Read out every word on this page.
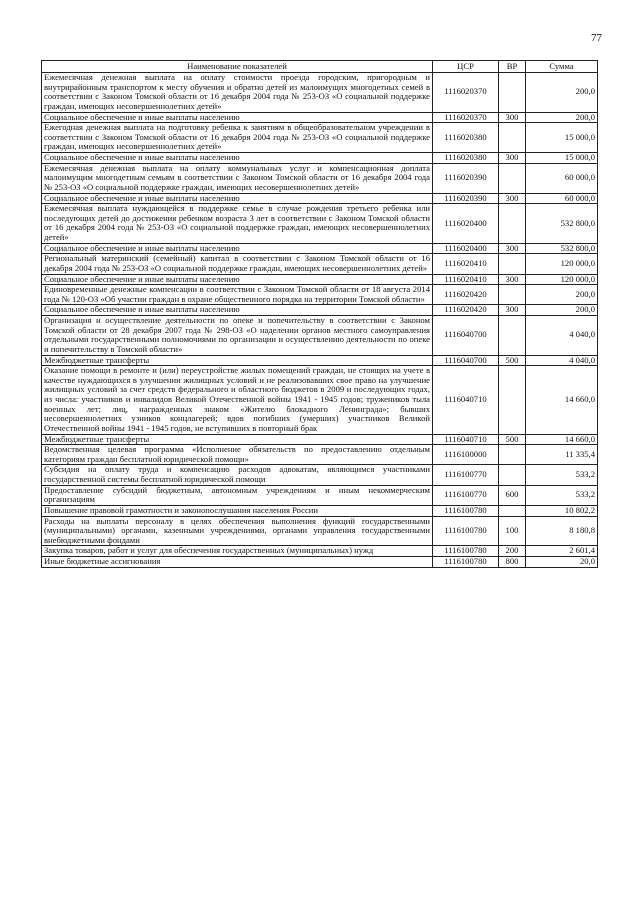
77
Наименование показателей	ЦСР	ВР	Сумма
Ежемесячная денежная выплата на оплату стоимости проезда городским, пригородным и внутрирайонным транспортом к месту обучения и обратно детей из малоимущих многодетных семей в соответствии с Законом Томской области от 16 декабря 2004 года № 253-ОЗ «О социальной поддержке граждан, имеющих несовершеннолетних детей»	1116020370		200,0
Социальное обеспечение и иные выплаты населению	1116020370	300	200,0
Ежегодная денежная выплата на подготовку ребенка к занятиям в общеобразовательном учреждении в соответствии с Законом Томской области от 16 декабря 2004 года № 253-ОЗ «О социальной поддержке граждан, имеющих несовершеннолетних детей»	1116020380		15 000,0
Социальное обеспечение и иные выплаты населению	1116020380	300	15 000,0
Ежемесячная денежная выплата на оплату коммунальных услуг и компенсационная доплата малоимущим многодетным семьям в соответствии с Законом Томской области от 16 декабря 2004 года № 253-ОЗ «О социальной поддержке граждан, имеющих несовершеннолетних детей»	1116020390		60 000,0
Социальное обеспечение и иные выплаты населению	1116020390	300	60 000,0
Ежемесячная выплата нуждающейся в поддержке семье в случае рождения третьего ребенка или последующих детей до достижения ребенком возраста 3 лет в соответствии с Законом Томской области от 16 декабря 2004 года № 253-ОЗ «О социальной поддержке граждан, имеющих несовершеннолетних детей»	1116020400		532 800,0
Социальное обеспечение и иные выплаты населению	1116020400	300	532 800,0
Региональный материнский (семейный) капитал в соответствии с Законом Томской области от 16 декабря 2004 года № 253-ОЗ «О социальной поддержке граждан, имеющих несовершеннолетних детей»	1116020410		120 000,0
Социальное обеспечение и иные выплаты населению	1116020410	300	120 000,0
Единовременные денежные компенсации в соответствии с Законом Томской области от 18 августа 2014 года № 120-ОЗ «Об участии граждан в охране общественного порядка на территории Томской области»	1116020420		200,0
Социальное обеспечение и иные выплаты населению	1116020420	300	200,0
Организация и осуществление деятельности по опеке и попечительству в соответствии с Законом Томской области от 28 декабря 2007 года № 298-ОЗ «О наделении органов местного самоуправления отдельными государственными полномочиями по организации и осуществлению деятельности по опеке и попечительству в Томской области»	1116040700		4 040,0
Межбюджетные трансферты	1116040700	500	4 040,0
Оказание помощи в ремонте и (или) переустройстве жилых помещений граждан, не стоящих на учете в качестве нуждающихся в улучшении жилищных условий и не реализовавших свое право на улучшение жилищных условий за счет средств федерального и областного бюджетов в 2009 и последующих годах, из числа: участников и инвалидов Великой Отечественной войны 1941 - 1945 годов; тружеников тыла военных лет; лиц, награжденных знаком «Жителю блокадного Ленинграда»; бывших несовершеннолетних узников концлагерей; вдов погибших (умерших) участников Великой Отечественной войны 1941 - 1945 годов, не вступивших в повторный брак	1116040710		14 660,0
Межбюджетные трансферты	1116040710	500	14 660,0
Ведомственная целевая программа «Исполнение обязательств по предоставлению отдельным категориям граждан бесплатной юридической помощи»	1116100000		11 335,4
Субсидия на оплату труда и компенсацию расходов адвокатам, являющимся участниками государственной системы бесплатной юридической помощи	1116100770		533,2
Предоставление субсидий бюджетным, автономным учреждениям и иным некоммерческим организациям	1116100770	600	533,2
Повышение правовой грамотности и законопослушания населения России	1116100780		10 802,2
Расходы на выплаты персоналу в целях обеспечения выполнения функций государственными (муниципальными) органами, казенными учреждениями, органами управления государственными внебюджетными фондами	1116100780	100	8 180,8
Закупка товаров, работ и услуг для обеспечения государственных (муниципальных) нужд	1116100780	200	2 601,4
Иные бюджетные ассигнования	1116100780	800	20,0
